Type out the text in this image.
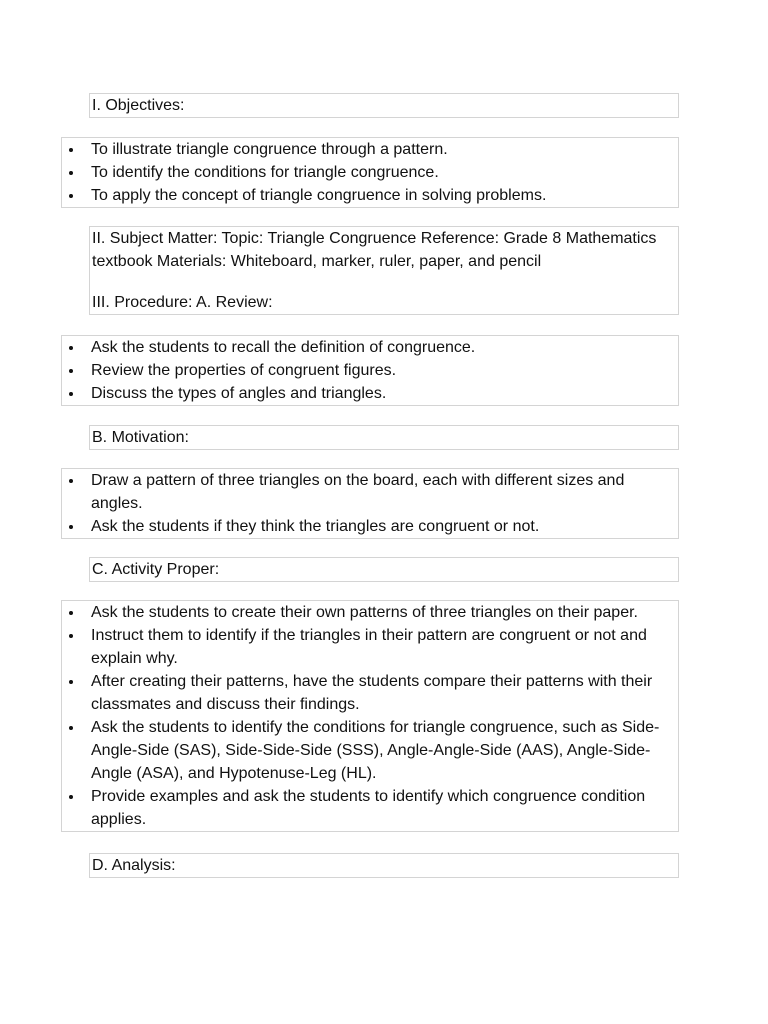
I. Objectives:
To illustrate triangle congruence through a pattern.
To identify the conditions for triangle congruence.
To apply the concept of triangle congruence in solving problems.
II. Subject Matter: Topic: Triangle Congruence Reference: Grade 8 Mathematics textbook Materials: Whiteboard, marker, ruler, paper, and pencil
III. Procedure: A. Review:
Ask the students to recall the definition of congruence.
Review the properties of congruent figures.
Discuss the types of angles and triangles.
B. Motivation:
Draw a pattern of three triangles on the board, each with different sizes and angles.
Ask the students if they think the triangles are congruent or not.
C. Activity Proper:
Ask the students to create their own patterns of three triangles on their paper.
Instruct them to identify if the triangles in their pattern are congruent or not and explain why.
After creating their patterns, have the students compare their patterns with their classmates and discuss their findings.
Ask the students to identify the conditions for triangle congruence, such as Side-Angle-Side (SAS), Side-Side-Side (SSS), Angle-Angle-Side (AAS), Angle-Side-Angle (ASA), and Hypotenuse-Leg (HL).
Provide examples and ask the students to identify which congruence condition applies.
D. Analysis:
